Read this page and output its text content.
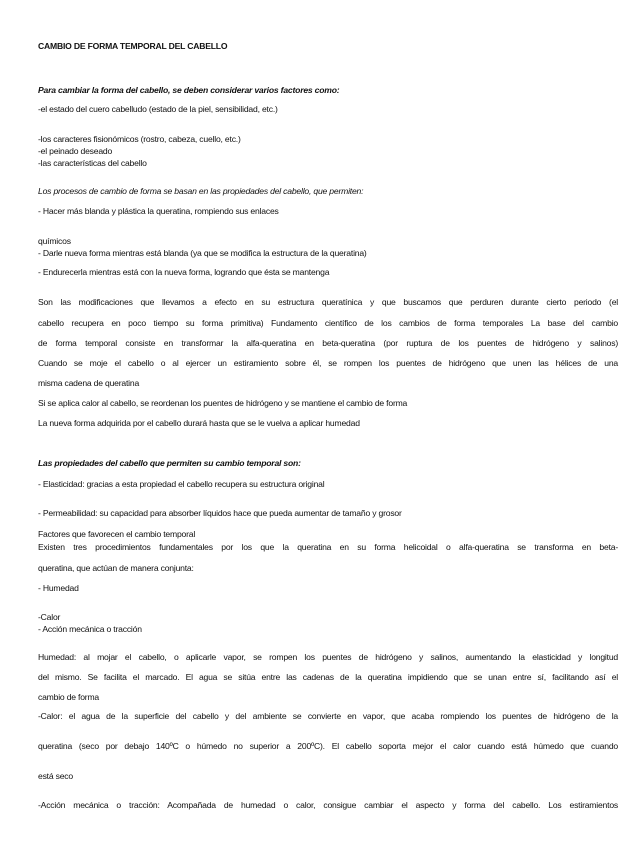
CAMBIO DE FORMA TEMPORAL DEL CABELLO
Para cambiar la forma del cabello, se deben considerar varios factores como:
-el estado del cuero cabelludo (estado de la piel, sensibilidad, etc.)
-los caracteres fisionómicos (rostro, cabeza, cuello, etc.)
-el peinado deseado
-las características del cabello
Los procesos de cambio de forma se basan en las propiedades del cabello, que permiten:
- Hacer más blanda y plástica la queratina, rompiendo sus enlaces
químicos
- Darle nueva forma mientras está blanda (ya que se modifica la estructura de la queratina)
- Endurecerla mientras está con la nueva forma, logrando que ésta se mantenga
Son las modificaciones que llevamos a efecto en su estructura queratínica y que buscamos que perduren durante cierto periodo (el
cabello recupera en poco tiempo su forma primitiva) Fundamento científico de los cambios de forma temporales La base del cambio
de forma temporal consiste en transformar la alfa-queratina en beta-queratina (por ruptura de los puentes de hidrógeno y salinos)
Cuando se moje el cabello o al ejercer un estiramiento sobre él, se rompen los puentes de hidrógeno que unen las hélices de una
misma cadena de queratina
Si se aplica calor al cabello, se reordenan los puentes de hidrógeno y se mantiene el cambio de forma
La nueva forma adquirida por el cabello durará hasta que se le vuelva a aplicar humedad
Las propiedades del cabello que permiten su cambio temporal son:
- Elasticidad: gracias a esta propiedad el cabello recupera su estructura original
- Permeabilidad: su capacidad para absorber líquidos hace que pueda aumentar de tamaño y grosor
Factores que favorecen el cambio temporal
Existen tres procedimientos fundamentales por los que la queratina en su forma helicoidal o alfa-queratina se transforma en beta-
queratina, que actúan de manera conjunta:
- Humedad
-Calor
- Acción mecánica o tracción
Humedad: al mojar el cabello, o aplicarle vapor, se rompen los puentes de hidrógeno y salinos, aumentando la elasticidad y longitud
del mismo. Se facilita el marcado. El agua se sitúa entre las cadenas de la queratina impidiendo que se unan entre sí, facilitando así el
cambio de forma
-Calor: el agua de la superficie del cabello y del ambiente se convierte en vapor, que acaba rompiendo los puentes de hidrógeno de la
queratina (seco por debajo 140ºC o húmedo no superior a 200ºC). El cabello soporta mejor el calor cuando está húmedo que cuando
está seco
-Acción mecánica o tracción: Acompañada de humedad o calor, consigue cambiar el aspecto y forma del cabello. Los estiramientos
